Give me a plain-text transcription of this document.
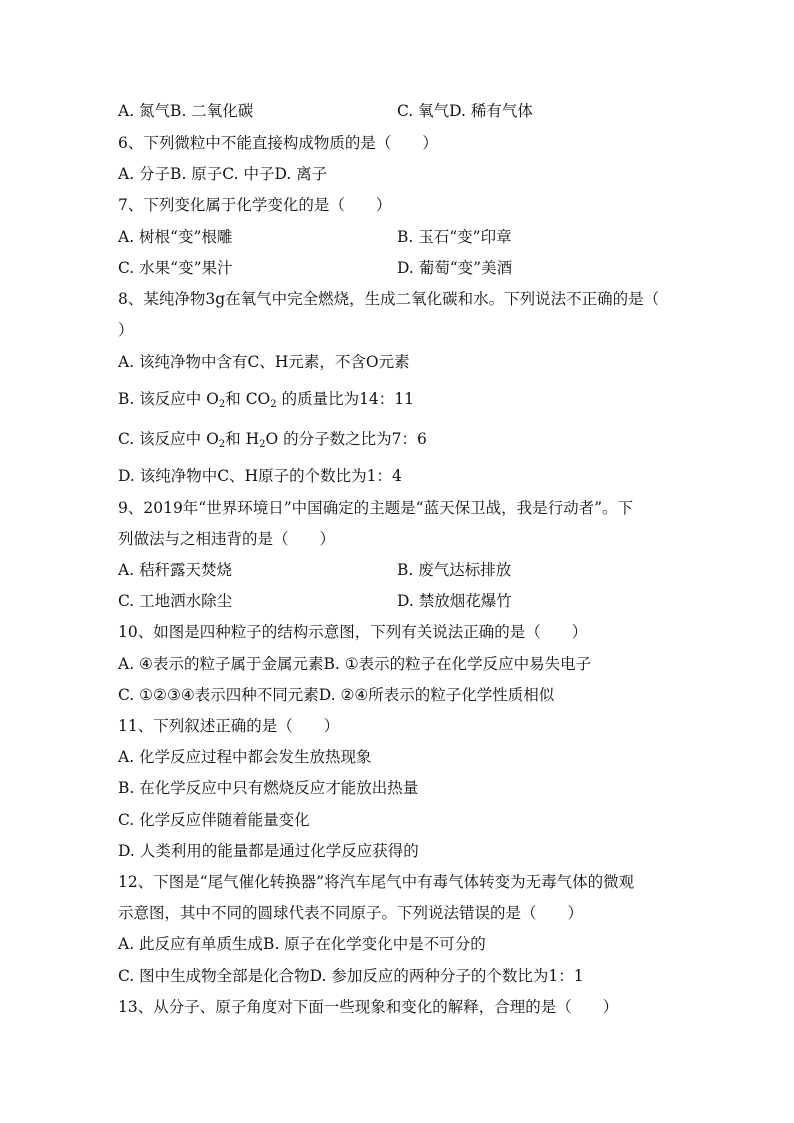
A. 氮气B. 二氧化碳	C. 氧气D. 稀有气体
6、下列微粒中不能直接构成物质的是（　　）
A. 分子B. 原子C. 中子D. 离子
7、下列变化属于化学变化的是（　　）
A. 树根“变”根雕	B. 玉石“变”印章
C. 水果“变”果汁	D. 葡萄“变”美酒
8、某纯净物3g在氧气中完全燃烧，生成二氧化碳和水。下列说法不正确的是（
）
A. 该纯净物中含有C、H元素，不含O元素
B. 该反应中 $O_2$和 $CO_2$ 的质量比为14：11
C. 该反应中 $O_2$和 $H_2O$ 的分子数之比为7：6
D. 该纯净物中C、H原子的个数比为1：4
9、2019年“世界环境日”中国确定的主题是“蓝天保卫战，我是行动者”。下
列做法与之相违背的是（　　）
A. 秸秆露天焚烧	B. 废气达标排放
C. 工地洒水除尘	D. 禁放烟花爆竹
10、如图是四种粒子的结构示意图，下列有关说法正确的是（　　）
A. ④表示的粒子属于金属元素B. ①表示的粒子在化学反应中易失电子
C. ①②③④表示四种不同元素D. ②④所表示的粒子化学性质相似
11、下列叙述正确的是（　　）
A. 化学反应过程中都会发生放热现象
B. 在化学反应中只有燃烧反应才能放出热量
C. 化学反应伴随着能量变化
D. 人类利用的能量都是通过化学反应获得的
12、下图是“尾气催化转换器”将汽车尾气中有毒气体转变为无毒气体的微观
示意图，其中不同的圆球代表不同原子。下列说法错误的是（　　）
A. 此反应有单质生成B. 原子在化学变化中是不可分的
C. 图中生成物全部是化合物D. 参加反应的两种分子的个数比为1：1
13、从分子、原子角度对下面一些现象和变化的解释，合理的是（　　）
